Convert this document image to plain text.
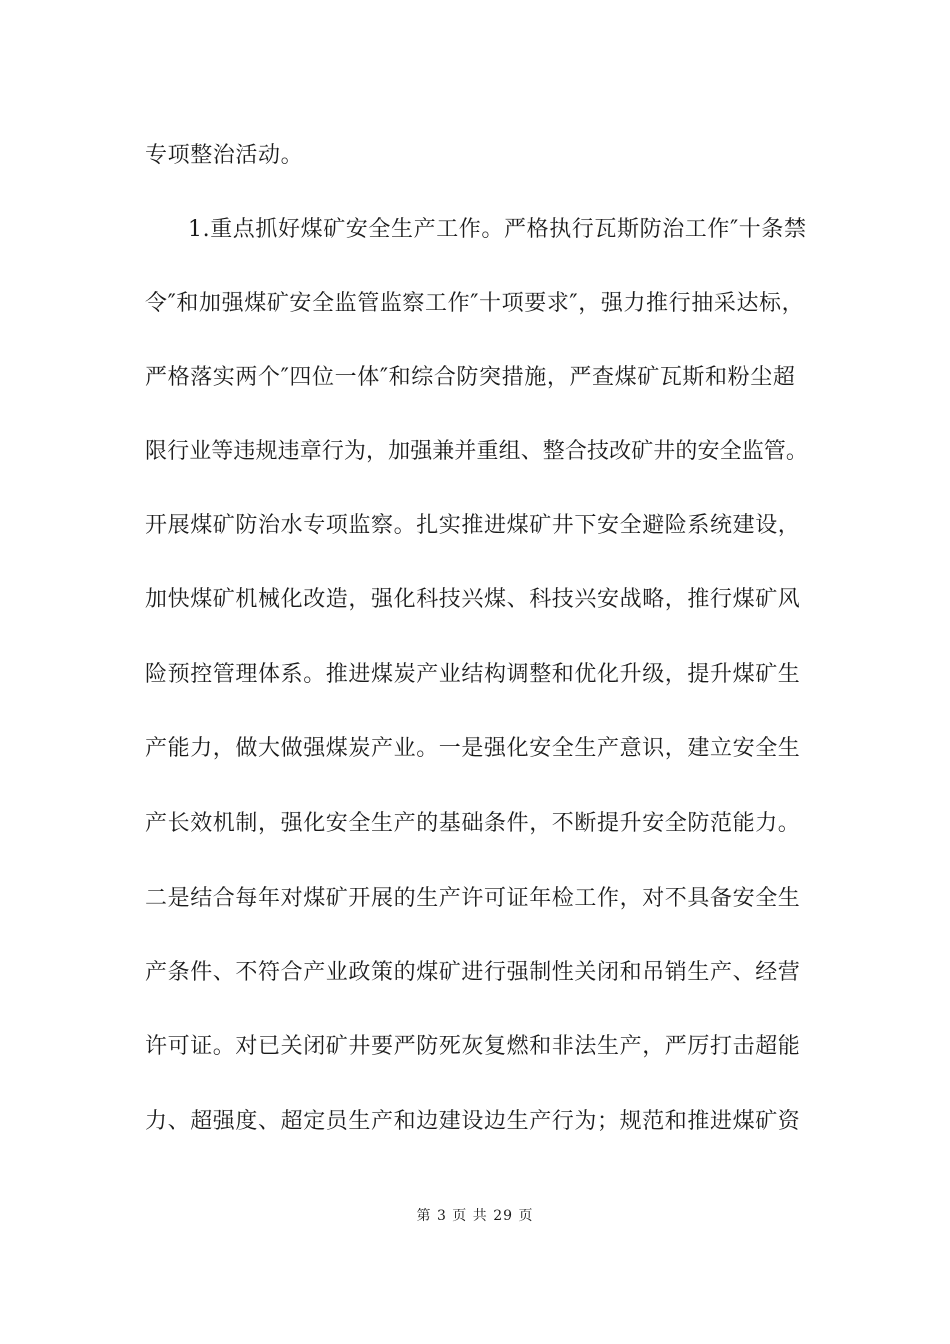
专项整治活动。
1.重点抓好煤矿安全生产工作。严格执行瓦斯防治工作″十条禁
令″和加强煤矿安全监管监察工作″十项要求″，强力推行抽采达标，
严格落实两个″四位一体″和综合防突措施，严查煤矿瓦斯和粉尘超
限行业等违规违章行为，加强兼并重组、整合技改矿井的安全监管。
开展煤矿防治水专项监察。扎实推进煤矿井下安全避险系统建设，
加快煤矿机械化改造，强化科技兴煤、科技兴安战略，推行煤矿风
险预控管理体系。推进煤炭产业结构调整和优化升级，提升煤矿生
产能力，做大做强煤炭产业。一是强化安全生产意识，建立安全生
产长效机制，强化安全生产的基础条件，不断提升安全防范能力。
二是结合每年对煤矿开展的生产许可证年检工作，对不具备安全生
产条件、不符合产业政策的煤矿进行强制性关闭和吊销生产、经营
许可证。对已关闭矿井要严防死灰复燃和非法生产，严厉打击超能
力、超强度、超定员生产和边建设边生产行为；规范和推进煤矿资
第 3 页 共 29 页
